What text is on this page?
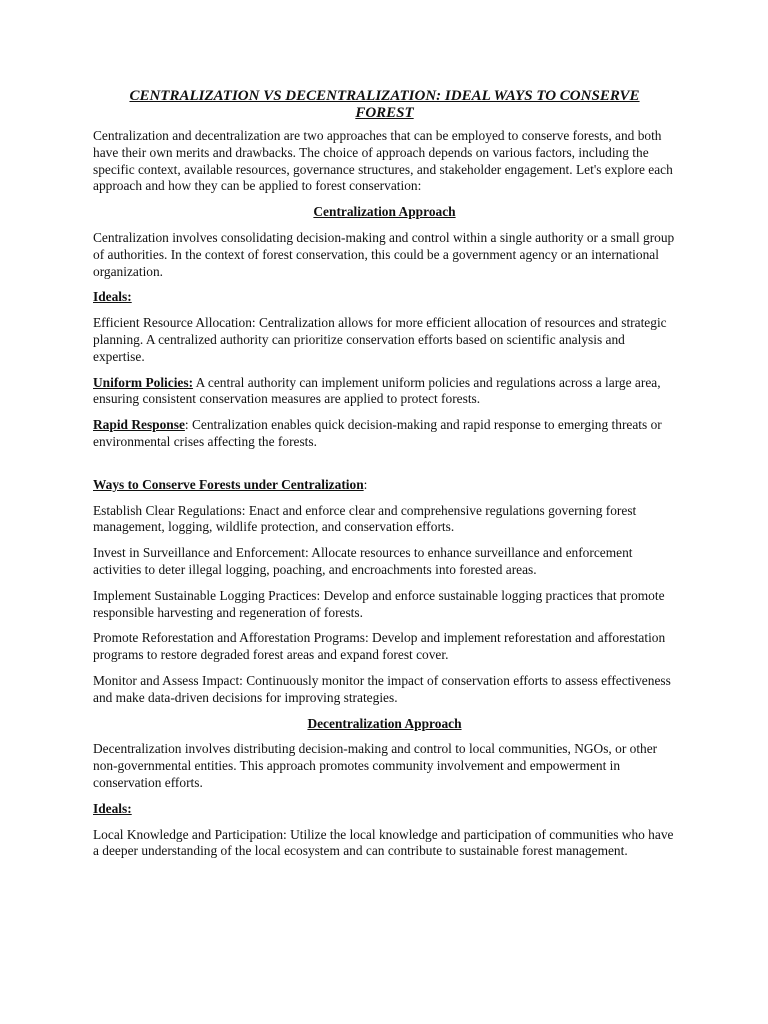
CENTRALIZATION VS DECENTRALIZATION: IDEAL WAYS TO CONSERVE
FOREST

Centralization and decentralization are two approaches that can be employed to conserve forests, and both have their own merits and drawbacks. The choice of approach depends on various factors, including the specific context, available resources, governance structures, and stakeholder engagement. Let's explore each approach and how they can be applied to forest conservation:

Centralization Approach

Centralization involves consolidating decision-making and control within a single authority or a small group of authorities. In the context of forest conservation, this could be a government agency or an international organization.

Ideals:

Efficient Resource Allocation: Centralization allows for more efficient allocation of resources and strategic planning. A centralized authority can prioritize conservation efforts based on scientific analysis and expertise.

Uniform Policies: A central authority can implement uniform policies and regulations across a large area, ensuring consistent conservation measures are applied to protect forests.

Rapid Response: Centralization enables quick decision-making and rapid response to emerging threats or environmental crises affecting the forests.

Ways to Conserve Forests under Centralization:

Establish Clear Regulations: Enact and enforce clear and comprehensive regulations governing forest management, logging, wildlife protection, and conservation efforts.

Invest in Surveillance and Enforcement: Allocate resources to enhance surveillance and enforcement activities to deter illegal logging, poaching, and encroachments into forested areas.

Implement Sustainable Logging Practices: Develop and enforce sustainable logging practices that promote responsible harvesting and regeneration of forests.

Promote Reforestation and Afforestation Programs: Develop and implement reforestation and afforestation programs to restore degraded forest areas and expand forest cover.

Monitor and Assess Impact: Continuously monitor the impact of conservation efforts to assess effectiveness and make data-driven decisions for improving strategies.

Decentralization Approach

Decentralization involves distributing decision-making and control to local communities, NGOs, or other non-governmental entities. This approach promotes community involvement and empowerment in conservation efforts.

Ideals:

Local Knowledge and Participation: Utilize the local knowledge and participation of communities who have a deeper understanding of the local ecosystem and can contribute to sustainable forest management.
